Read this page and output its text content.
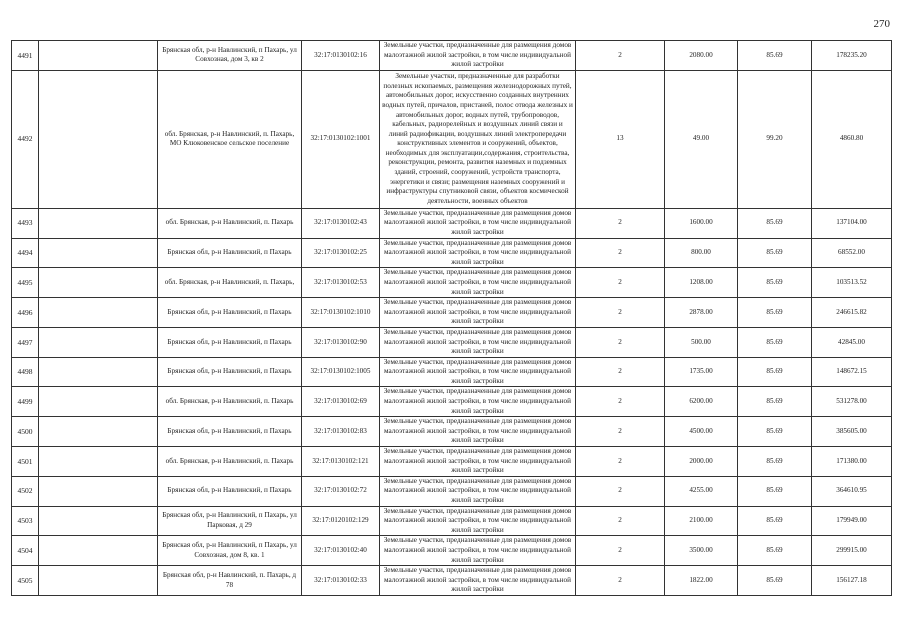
270
4491		Брянская обл, р-н Навлинский, п Пахарь, ул Совхозная, дом 3, кв 2	32:17:0130102:16	Земельные участки, предназначенные для размещения домов малоэтажной жилой застройки, в том числе индивидуальной жилой застройки	2	2080.00	85.69	178235.20
4492		обл. Брянская, р-н Навлинский, п. Пахарь, МО Клюковенское сельское поселение	32:17:0130102:1001	Земельные участки, предназначенные для разработки полезных ископаемых, размещения железнодорожных путей, автомобильных дорог, искусственно созданных внутренних водных путей, причалов, пристаней, полос отвода железных и автомобильных дорог, водных путей, трубопроводов, кабельных, радиорелейных и воздушных линий связи и линий радиофикации, воздушных линий электропередачи конструктивных элементов и сооружений, объектов, необходимых для эксплуатации,содержания, строительства, реконструкции, ремонта, развития наземных и подземных зданий, строений, сооружений, устройств транспорта, энергетики и связи; размещения наземных сооружений и инфраструктуры спутниковой связи, объектов космической деятельности, военных объектов	13	49.00	99.20	4860.80
4493		обл. Брянская, р-н Навлинский, п. Пахарь	32:17:0130102:43	Земельные участки, предназначенные для размещения домов малоэтажной жилой застройки, в том числе индивидуальной жилой застройки	2	1600.00	85.69	137104.00
4494		Брянская обл, р-н Навлинский, п Пахарь	32:17:0130102:25	Земельные участки, предназначенные для размещения домов малоэтажной жилой застройки, в том числе индивидуальной жилой застройки	2	800.00	85.69	68552.00
4495		обл. Брянская, р-н Навлинский, п. Пахарь,	32:17:0130102:53	Земельные участки, предназначенные для размещения домов малоэтажной жилой застройки, в том числе индивидуальной жилой застройки	2	1208.00	85.69	103513.52
4496		Брянская обл, р-н Навлинский, п Пахарь	32:17:0130102:1010	Земельные участки, предназначенные для размещения домов малоэтажной жилой застройки, в том числе индивидуальной жилой застройки	2	2878.00	85.69	246615.82
4497		Брянская обл, р-н Навлинский, п Пахарь	32:17:0130102:90	Земельные участки, предназначенные для размещения домов малоэтажной жилой застройки, в том числе индивидуальной жилой застройки	2	500.00	85.69	42845.00
4498		Брянская обл, р-н Навлинский, п Пахарь	32:17:0130102:1005	Земельные участки, предназначенные для размещения домов малоэтажной жилой застройки, в том числе индивидуальной жилой застройки	2	1735.00	85.69	148672.15
4499		обл. Брянская, р-н Навлинский, п. Пахарь	32:17:0130102:69	Земельные участки, предназначенные для размещения домов малоэтажной жилой застройки, в том числе индивидуальной жилой застройки	2	6200.00	85.69	531278.00
4500		Брянская обл, р-н Навлинский, п Пахарь	32:17:0130102:83	Земельные участки, предназначенные для размещения домов малоэтажной жилой застройки, в том числе индивидуальной жилой застройки	2	4500.00	85.69	385605.00
4501		обл. Брянская, р-н Навлинский, п. Пахарь	32:17:0130102:121	Земельные участки, предназначенные для размещения домов малоэтажной жилой застройки, в том числе индивидуальной жилой застройки	2	2000.00	85.69	171380.00
4502		Брянская обл, р-н Навлинский, п Пахарь	32:17:0130102:72	Земельные участки, предназначенные для размещения домов малоэтажной жилой застройки, в том числе индивидуальной жилой застройки	2	4255.00	85.69	364610.95
4503		Брянская обл, р-н Навлинский, п Пахарь, ул Парковая, д 29	32:17:0120102:129	Земельные участки, предназначенные для размещения домов малоэтажной жилой застройки, в том числе индивидуальной жилой застройки	2	2100.00	85.69	179949.00
4504		Брянская обл, р-н Навлинский, п Пахарь, ул Совхозная, дом 8, кв. 1	32:17:0130102:40	Земельные участки, предназначенные для размещения домов малоэтажной жилой застройки, в том числе индивидуальной жилой застройки	2	3500.00	85.69	299915.00
4505		Брянская обл, р-н Навлинский, п. Пахарь, д 78	32:17:0130102:33	Земельные участки, предназначенные для размещения домов малоэтажной жилой застройки, в том числе индивидуальной жилой застройки	2	1822.00	85.69	156127.18
